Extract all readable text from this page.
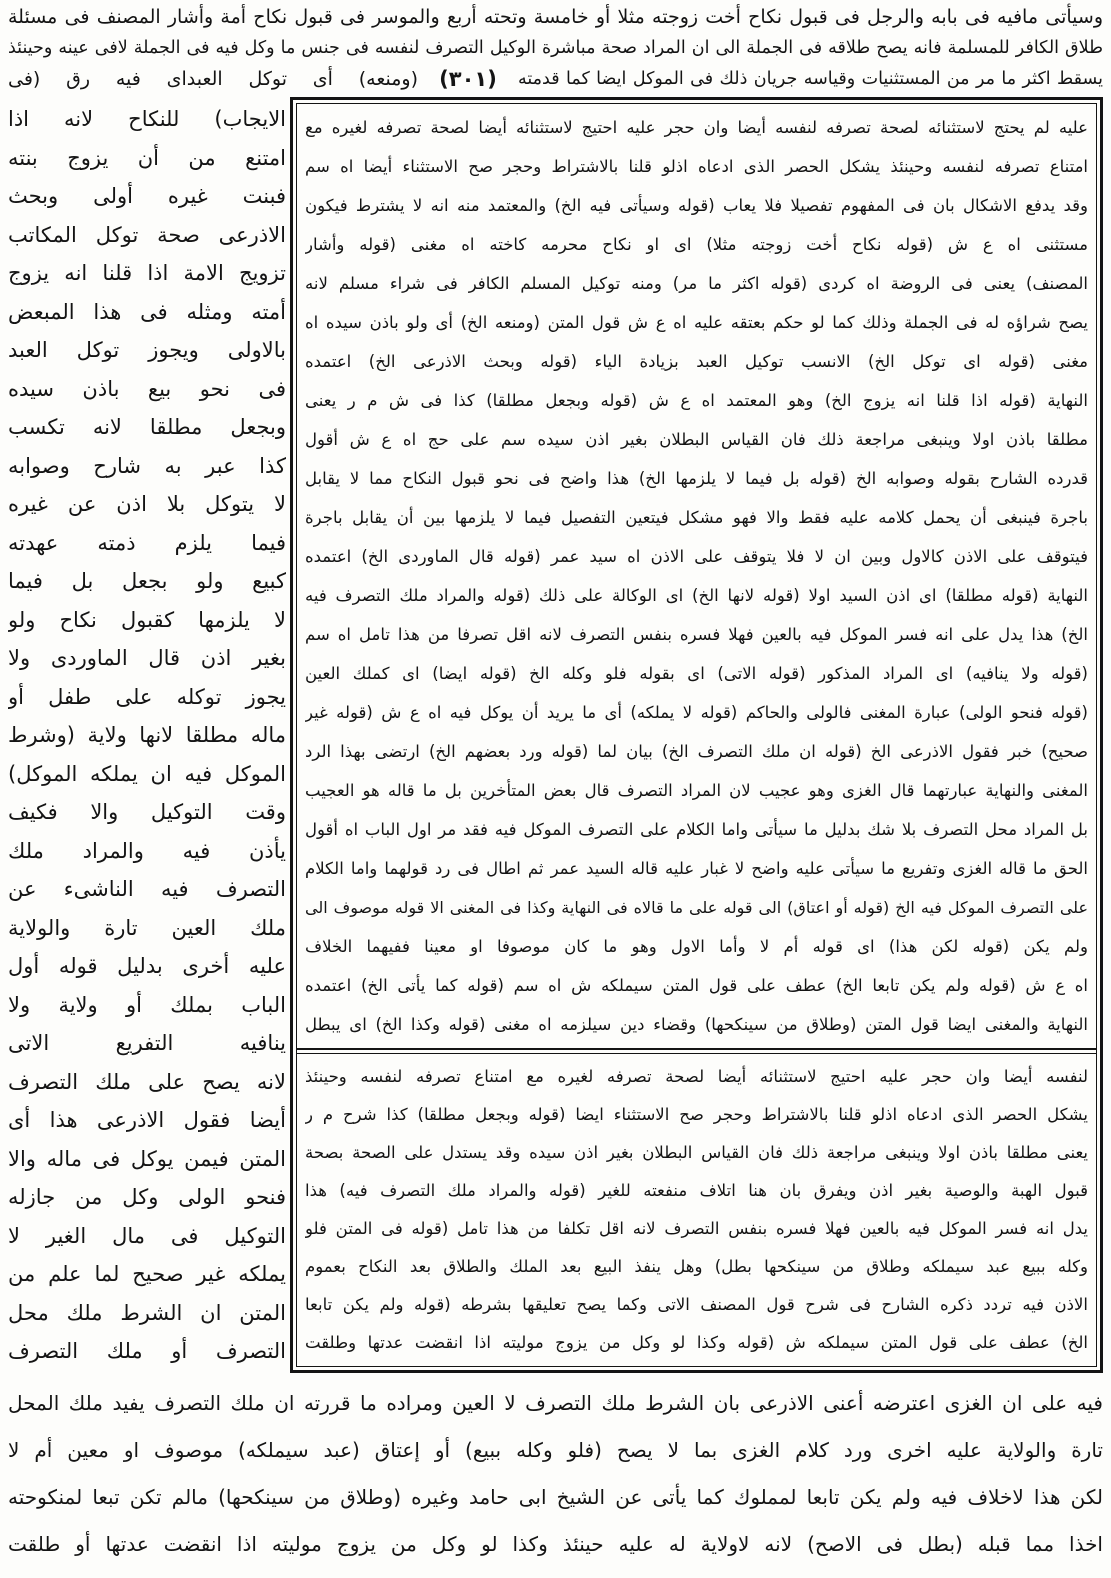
وسيأتى مافيه فى بابه والرجل فى قبول نكاح أخت زوجته مثلا أو خامسة وتحته أربع والموسر فى قبول نكاح أمة وأشار المصنف فى مسئلة
طلاق الكافر للمسلمة فانه يصح طلاقه فى الجملة الى ان المراد صحة مباشرة الوكيل التصرف لنفسه فى جنس ما وكل فيه فى الجملة لافى عينه وحينئذ
يسقط اكثر ما مر من المستثنيات وقياسه جريان ذلك فى الموكل ايضا كما قدمته
(٣٠١)
(ومنعه) أى توكل العبداى فيه رق (فى
الايجاب) للنكاح لانه اذا
امتنع من أن يزوج بنته
فبنت غيره أولى وبحث
الاذرعى صحة توكل المكاتب
تزويج الامة اذا قلنا انه يزوج
أمته ومثله فى هذا المبعض
بالاولى ويجوز توكل العبد
فى نحو بيع باذن سيده
وبجعل مطلقا لانه تكسب
كذا عبر به شارح وصوابه
لا يتوكل بلا اذن عن غيره
فيما يلزم ذمته عهدته
كبيع ولو بجعل بل فيما
لا يلزمها كقبول نكاح ولو
بغير اذن قال الماوردى ولا
يجوز توكله على طفل أو
ماله مطلقا لانها ولاية (وشرط
الموكل فيه ان يملكه الموكل)
وقت التوكيل والا فكيف
يأذن فيه والمراد ملك
التصرف فيه الناشىء عن
ملك العين تارة والولاية
عليه أخرى بدليل قوله أول
الباب بملك أو ولاية ولا
ينافيه التفريع الاتى
لانه يصح على ملك التصرف
أيضا فقول الاذرعى هذا أى
المتن فيمن يوكل فى ماله والا
فنحو الولى وكل من جازله
التوكيل فى مال الغير لا
يملكه غير صحيح لما علم من
المتن ان الشرط ملك محل
التصرف أو ملك التصرف
عليه لم يحتج لاستثنائه لصحة تصرفه لنفسه أيضا وان حجر عليه احتيج لاستثنائه أيضا لصحة تصرفه لغيره مع
امتناع تصرفه لنفسه وحينئذ يشكل الحصر الذى ادعاه اذلو قلنا بالاشتراط وحجر صح الاستثناء أيضا اه سم
وقد يدفع الاشكال بان فى المفهوم تفصيلا فلا يعاب (قوله وسيأتى فيه الخ) والمعتمد منه انه لا يشترط فيكون
مستثنى اه ع ش (قوله نكاح أخت زوجته مثلا) اى او نكاح محرمه كاخته اه مغنى (قوله وأشار
المصنف) يعنى فى الروضة اه كردى (قوله اكثر ما مر) ومنه توكيل المسلم الكافر فى شراء مسلم لانه
يصح شراؤه له فى الجملة وذلك كما لو حكم بعتقه عليه اه ع ش قول المتن (ومنعه الخ) أى ولو باذن سيده اه
مغنى (قوله اى توكل الخ) الانسب توكيل العبد بزيادة الياء (قوله وبحث الاذرعى الخ) اعتمده
النهاية (قوله اذا قلنا انه يزوج الخ) وهو المعتمد اه ع ش (قوله وبجعل مطلقا) كذا فى ش م ر يعنى
مطلقا باذن اولا وينبغى مراجعة ذلك فان القياس البطلان بغير اذن سيده سم على حج اه ع ش أقول
قدرده الشارح بقوله وصوابه الخ (قوله بل فيما لا يلزمها الخ) هذا واضح فى نحو قبول النكاح مما لا يقابل
باجرة فينبغى أن يحمل كلامه عليه فقط والا فهو مشكل فيتعين التفصيل فيما لا يلزمها بين أن يقابل باجرة
فيتوقف على الاذن كالاول وبين ان لا فلا يتوقف على الاذن اه سيد عمر (قوله قال الماوردى الخ) اعتمده
النهاية (قوله مطلقا) اى اذن السيد اولا (قوله لانها الخ) اى الوكالة على ذلك (قوله والمراد ملك التصرف فيه
الخ) هذا يدل على انه فسر الموكل فيه بالعين فهلا فسره بنفس التصرف لانه اقل تصرفا من هذا تامل اه سم
(قوله ولا ينافيه) اى المراد المذكور (قوله الاتى) اى بقوله فلو وكله الخ (قوله ايضا) اى كملك العين
(قوله فنحو الولى) عبارة المغنى فالولى والحاكم (قوله لا يملكه) أى ما يريد أن يوكل فيه اه ع ش (قوله غير
صحيح) خبر فقول الاذرعى الخ (قوله ان ملك التصرف الخ) بيان لما (قوله ورد بعضهم الخ) ارتضى بهذا الرد
المغنى والنهاية عبارتهما قال الغزى وهو عجيب لان المراد التصرف قال بعض المتأخرين بل ما قاله هو العجيب
بل المراد محل التصرف بلا شك بدليل ما سيأتى واما الكلام على التصرف الموكل فيه فقد مر اول الباب اه أقول
الحق ما قاله الغزى وتفريع ما سيأتى عليه واضح لا غبار عليه قاله السيد عمر ثم اطال فى رد قولهما واما الكلام
على التصرف الموكل فيه الخ (قوله أو اعتاق) الى قوله على ما قالاه فى النهاية وكذا فى المغنى الا قوله موصوف الى
ولم يكن (قوله لكن هذا) اى قوله أم لا وأما الاول وهو ما كان موصوفا او معينا ففيهما الخلاف
اه ع ش (قوله ولم يكن تابعا الخ) عطف على قول المتن سيملكه ش اه سم (قوله كما يأتى الخ) اعتمده
النهاية والمغنى ايضا قول المتن (وطلاق من سينكحها) وقضاء دين سيلزمه اه مغنى (قوله وكذا الخ) اى يبطل
لنفسه أيضا وان حجر عليه احتيج لاستثنائه أيضا لصحة تصرفه لغيره مع امتناع تصرفه لنفسه وحينئذ
يشكل الحصر الذى ادعاه اذلو قلنا بالاشتراط وحجر صح الاستثناء ايضا (قوله وبجعل مطلقا) كذا شرح م ر
يعنى مطلقا باذن اولا وينبغى مراجعة ذلك فان القياس البطلان بغير اذن سيده وقد يستدل على الصحة بصحة
قبول الهبة والوصية بغير اذن ويفرق بان هنا اتلاف منفعته للغير (قوله والمراد ملك التصرف فيه) هذا
يدل انه فسر الموكل فيه بالعين فهلا فسره بنفس التصرف لانه اقل تكلفا من هذا تامل (قوله فى المتن فلو
وكله ببيع عبد سيملكه وطلاق من سينكحها بطل) وهل ينفذ البيع بعد الملك والطلاق بعد النكاح بعموم
الاذن فيه تردد ذكره الشارح فى شرح قول المصنف الاتى وكما يصح تعليقها بشرطه (قوله ولم يكن تابعا
الخ) عطف على قول المتن سيملكه ش (قوله وكذا لو وكل من يزوج موليته اذا انقضت عدتها وطلقت
فيه على ان الغزى اعترضه أعنى الاذرعى بان الشرط ملك التصرف لا العين ومراده ما قررته ان ملك التصرف يفيد ملك المحل
تارة والولاية عليه اخرى ورد كلام الغزى بما لا يصح (فلو وكله ببيع) أو إعتاق (عبد سيملكه) موصوف او معين أم لا
لكن هذا لاخلاف فيه ولم يكن تابعا لمملوك كما يأتى عن الشيخ ابى حامد وغيره (وطلاق من سينكحها) مالم تكن تبعا لمنكوحته
اخذا مما قبله (بطل فى الاصح) لانه لاولاية له عليه حينئذ وكذا لو وكل من يزوج موليته اذا انقضت عدتها أو طلقت
